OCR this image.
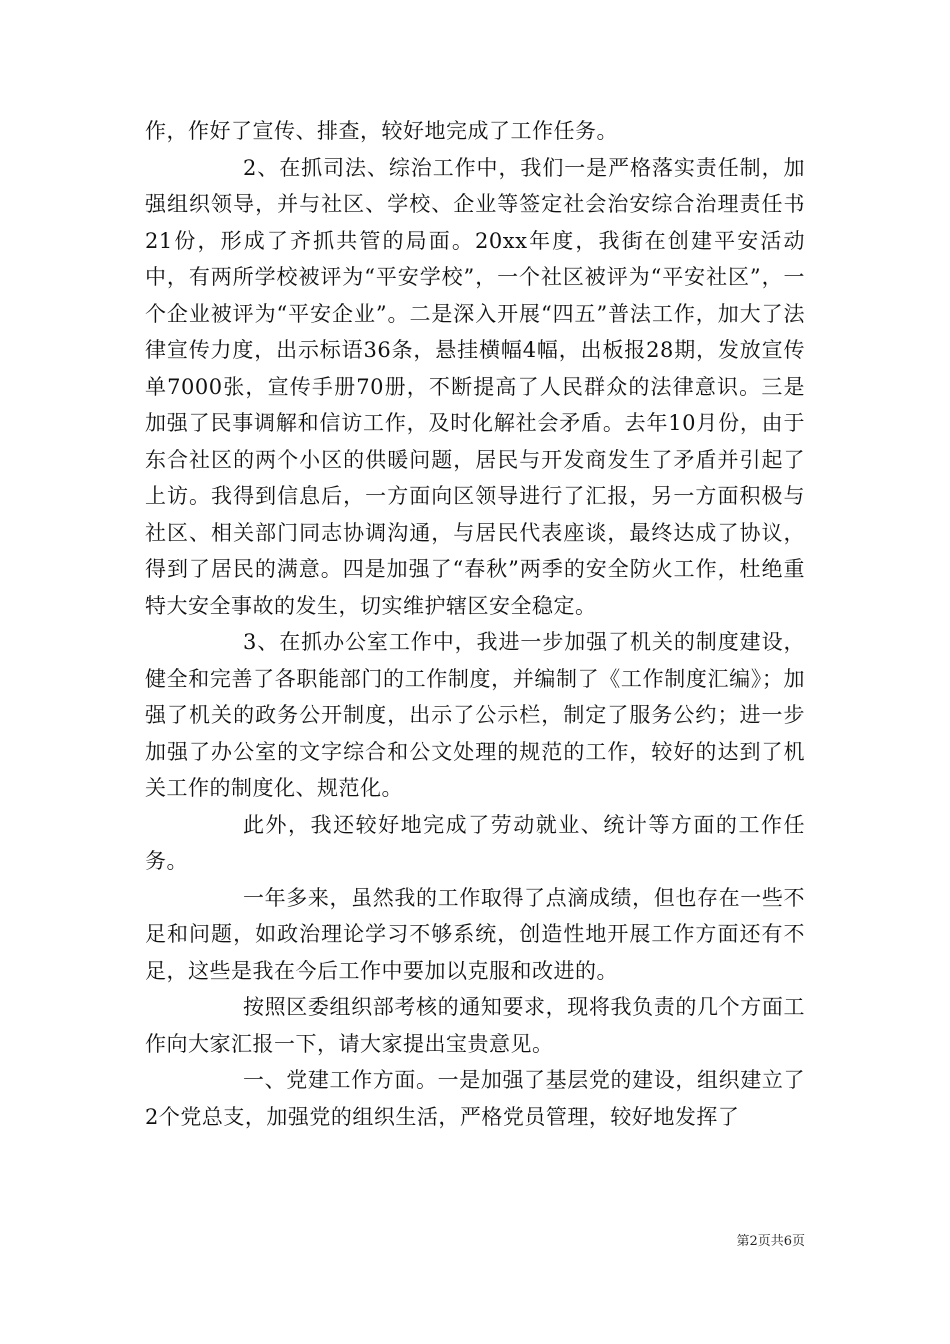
作，作好了宣传、排查，较好地完成了工作任务。

2、在抓司法、综治工作中，我们一是严格落实责任制，加强组织领导，并与社区、学校、企业等签定社会治安综合治理责任书21份，形成了齐抓共管的局面。20xx年度，我街在创建平安活动中，有两所学校被评为“平安学校”，一个社区被评为“平安社区”，一个企业被评为“平安企业”。二是深入开展“四五”普法工作，加大了法律宣传力度，出示标语36条，悬挂横幅4幅，出板报28期，发放宣传单7000张，宣传手册70册，不断提高了人民群众的法律意识。三是加强了民事调解和信访工作，及时化解社会矛盾。去年10月份，由于东合社区的两个小区的供暖问题，居民与开发商发生了矛盾并引起了上访。我得到信息后，一方面向区领导进行了汇报，另一方面积极与社区、相关部门同志协调沟通，与居民代表座谈，最终达成了协议，得到了居民的满意。四是加强了“春秋”两季的安全防火工作，杜绝重特大安全事故的发生，切实维护辖区安全稳定。

3、在抓办公室工作中，我进一步加强了机关的制度建设，健全和完善了各职能部门的工作制度，并编制了《工作制度汇编》；加强了机关的政务公开制度，出示了公示栏，制定了服务公约；进一步加强了办公室的文字综合和公文处理的规范的工作，较好的达到了机关工作的制度化、规范化。

此外，我还较好地完成了劳动就业、统计等方面的工作任务。

一年多来，虽然我的工作取得了点滴成绩，但也存在一些不足和问题，如政治理论学习不够系统，创造性地开展工作方面还有不足，这些是我在今后工作中要加以克服和改进的。

按照区委组织部考核的通知要求，现将我负责的几个方面工作向大家汇报一下，请大家提出宝贵意见。

一、党建工作方面。一是加强了基层党的建设，组织建立了2个党总支，加强党的组织生活，严格党员管理，较好地发挥了

第2页共6页
